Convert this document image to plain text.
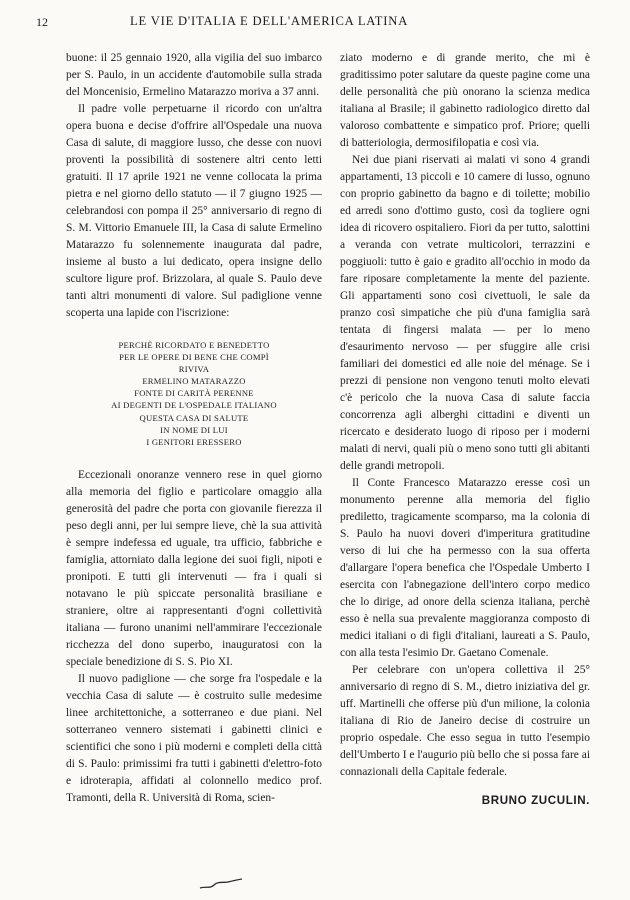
12	LE VIE D'ITALIA E DELL'AMERICA LATINA

buone: il 25 gennaio 1920, alla vigilia del suo imbarco per S. Paulo, in un accidente d'automobile sulla strada del Moncenisio, Ermelino Matarazzo moriva a 37 anni.

Il padre volle perpetuarne il ricordo con un'altra opera buona e decise d'offrire all'Ospedale una nuova Casa di salute, di maggiore lusso, che desse con nuovi proventi la possibilità di sostenere altri cento letti gratuiti. Il 17 aprile 1921 ne venne collocata la prima pietra e nel giorno dello statuto — il 7 giugno 1925 — celebrandosi con pompa il 25° anniversario di regno di S. M. Vittorio Emanuele III, la Casa di salute Ermelino Matarazzo fu solennemente inaugurata dal padre, insieme al busto a lui dedicato, opera insigne dello scultore ligure prof. Brizzolara, al quale S. Paulo deve tanti altri monumenti di valore. Sul padiglione venne scoperta una lapide con l'iscrizione:

PERCHÈ RICORDATO E BENEDETTO
PER LE OPERE DI BENE CHE COMPÌ
RIVIVA
ERMELINO MATARAZZO
FONTE DI CARITÀ PERENNE
AI DEGENTI DE L'OSPEDALE ITALIANO
QUESTA CASA DI SALUTE
IN NOME DI LUI
I GENITORI ERESSERO

Eccezionali onoranze vennero rese in quel giorno alla memoria del figlio e particolare omaggio alla generosità del padre che porta con giovanile fierezza il peso degli anni, per lui sempre lieve, chè la sua attività è sempre indefessa ed uguale, tra ufficio, fabbriche e famiglia, attorniato dalla legione dei suoi figli, nipoti e pronipoti. E tutti gli intervenuti — fra i quali si notavano le più spiccate personalità brasiliane e straniere, oltre ai rappresentanti d'ogni collettività italiana — furono unanimi nell'ammirare l'eccezionale ricchezza del dono superbo, inauguratosi con la speciale benedizione di S. S. Pio XI.

Il nuovo padiglione — che sorge fra l'ospedale e la vecchia Casa di salute — è costruito sulle medesime linee architettoniche, a sotterraneo e due piani. Nel sotterraneo vennero sistemati i gabinetti clinici e scientifici che sono i più moderni e completi della città di S. Paulo: primissimi fra tutti i gabinetti d'elettro-foto e idroterapia, affidati al colonnello medico prof. Tramonti, della R. Università di Roma, scien-

ziato moderno e di grande merito, che mi è graditissimo poter salutare da queste pagine come una delle personalità che più onorano la scienza medica italiana al Brasile; il gabinetto radiologico diretto dal valoroso combattente e simpatico prof. Priore; quelli di batteriologia, dermosifilopatia e così via.

Nei due piani riservati ai malati vi sono 4 grandi appartamenti, 13 piccoli e 10 camere di lusso, ognuno con proprio gabinetto da bagno e di toilette; mobilio ed arredi sono d'ottimo gusto, così da togliere ogni idea di ricovero ospitaliero. Fiori da per tutto, salottini a veranda con vetrate multicolori, terrazzini e poggiuoli: tutto è gaio e gradito all'occhio in modo da fare riposare completamente la mente del paziente. Gli appartamenti sono così civettuoli, le sale da pranzo così simpatiche che più d'una famiglia sarà tentata di fingersi malata — per lo meno d'esaurimento nervoso — per sfuggire alle crisi familiari dei domestici ed alle noie del ménage. Se i prezzi di pensione non vengono tenuti molto elevati c'è pericolo che la nuova Casa di salute faccia concorrenza agli alberghi cittadini e diventi un ricercato e desiderato luogo di riposo per i moderni malati di nervi, quali più o meno sono tutti gli abitanti delle grandi metropoli.

Il Conte Francesco Matarazzo eresse così un monumento perenne alla memoria del figlio prediletto, tragicamente scomparso, ma la colonia di S. Paulo ha nuovi doveri d'imperitura gratitudine verso di lui che ha permesso con la sua offerta d'allargare l'opera benefica che l'Ospedale Umberto I esercita con l'abnegazione dell'intero corpo medico che lo dirige, ad onore della scienza italiana, perchè esso è nella sua prevalente maggioranza composto di medici italiani o di figli d'italiani, laureati a S. Paulo, con alla testa l'esimio Dr. Gaetano Comenale.

Per celebrare con un'opera collettiva il 25° anniversario di regno di S. M., dietro iniziativa del gr. uff. Martinelli che offerse più d'un milione, la colonia italiana di Rio de Janeiro decise di costruire un proprio ospedale. Che esso segua in tutto l'esempio dell'Umberto I e l'augurio più bello che si possa fare ai connazionali della Capitale federale.

BRUNO ZUCULIN.
